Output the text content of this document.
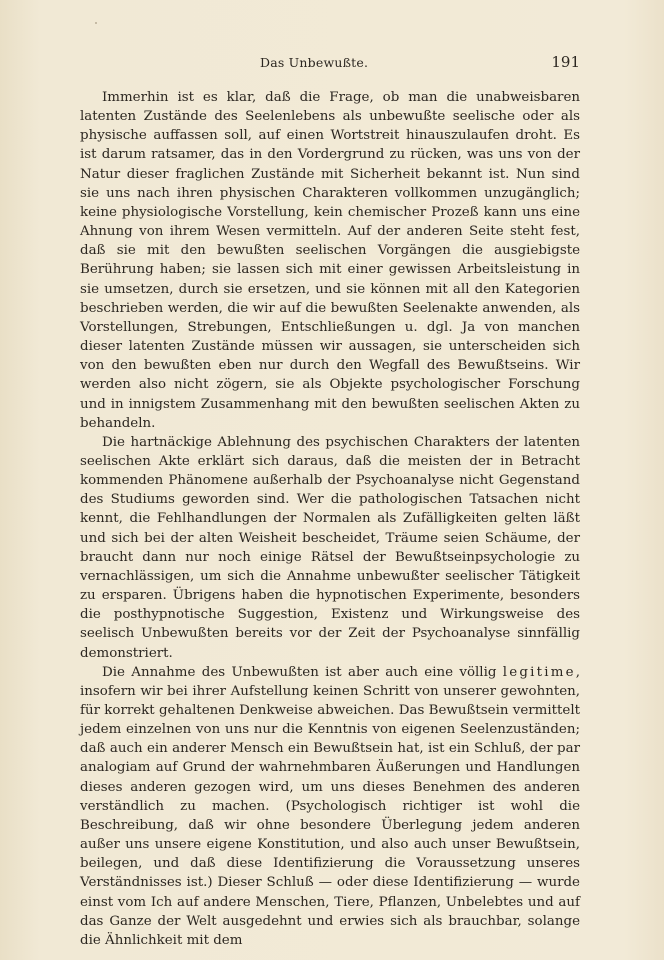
Das Unbewußte.	191

Immerhin ist es klar, daß die Frage, ob man die unabweisbaren latenten Zustände des Seelenlebens als unbewußte seelische oder als physische auffassen soll, auf einen Wortstreit hinauszulaufen droht. Es ist darum ratsamer, das in den Vordergrund zu rücken, was uns von der Natur dieser fraglichen Zustände mit Sicherheit bekannt ist. Nun sind sie uns nach ihren physischen Charakteren vollkommen unzugänglich; keine physiologische Vorstellung, kein chemischer Prozeß kann uns eine Ahnung von ihrem Wesen vermitteln. Auf der anderen Seite steht fest, daß sie mit den bewußten seelischen Vorgängen die ausgiebigste Berührung haben; sie lassen sich mit einer gewissen Arbeitsleistung in sie umsetzen, durch sie ersetzen, und sie können mit all den Kategorien beschrieben werden, die wir auf die bewußten Seelenakte anwenden, als Vorstellungen, Strebungen, Entschließungen u. dgl. Ja von manchen dieser latenten Zustände müssen wir aussagen, sie unterscheiden sich von den bewußten eben nur durch den Wegfall des Bewußtseins. Wir werden also nicht zögern, sie als Objekte psychologischer Forschung und in innigstem Zusammenhang mit den bewußten seelischen Akten zu behandeln.

Die hartnäckige Ablehnung des psychischen Charakters der latenten seelischen Akte erklärt sich daraus, daß die meisten der in Betracht kommenden Phänomene außerhalb der Psychoanalyse nicht Gegenstand des Studiums geworden sind. Wer die pathologischen Tatsachen nicht kennt, die Fehlhandlungen der Normalen als Zufälligkeiten gelten läßt und sich bei der alten Weisheit bescheidet, Träume seien Schäume, der braucht dann nur noch einige Rätsel der Bewußtseinpsychologie zu vernachlässigen, um sich die Annahme unbewußter seelischer Tätigkeit zu ersparen. Übrigens haben die hypnotischen Experimente, besonders die posthypnotische Suggestion, Existenz und Wirkungsweise des seelisch Unbewußten bereits vor der Zeit der Psychoanalyse sinnfällig demonstriert.

Die Annahme des Unbewußten ist aber auch eine völlig legitime, insofern wir bei ihrer Aufstellung keinen Schritt von unserer gewohnten, für korrekt gehaltenen Denkweise abweichen. Das Bewußtsein vermittelt jedem einzelnen von uns nur die Kenntnis von eigenen Seelenzuständen; daß auch ein anderer Mensch ein Bewußtsein hat, ist ein Schluß, der par analogiam auf Grund der wahrnehmbaren Äußerungen und Handlungen dieses anderen gezogen wird, um uns dieses Benehmen des anderen verständlich zu machen. (Psychologisch richtiger ist wohl die Beschreibung, daß wir ohne besondere Überlegung jedem anderen außer uns unsere eigene Konstitution, und also auch unser Bewußtsein, beilegen, und daß diese Identifizierung die Voraussetzung unseres Verständnisses ist.) Dieser Schluß — oder diese Identifizierung — wurde einst vom Ich auf andere Menschen, Tiere, Pflanzen, Unbelebtes und auf das Ganze der Welt ausgedehnt und erwies sich als brauchbar, solange die Ähnlichkeit mit dem
